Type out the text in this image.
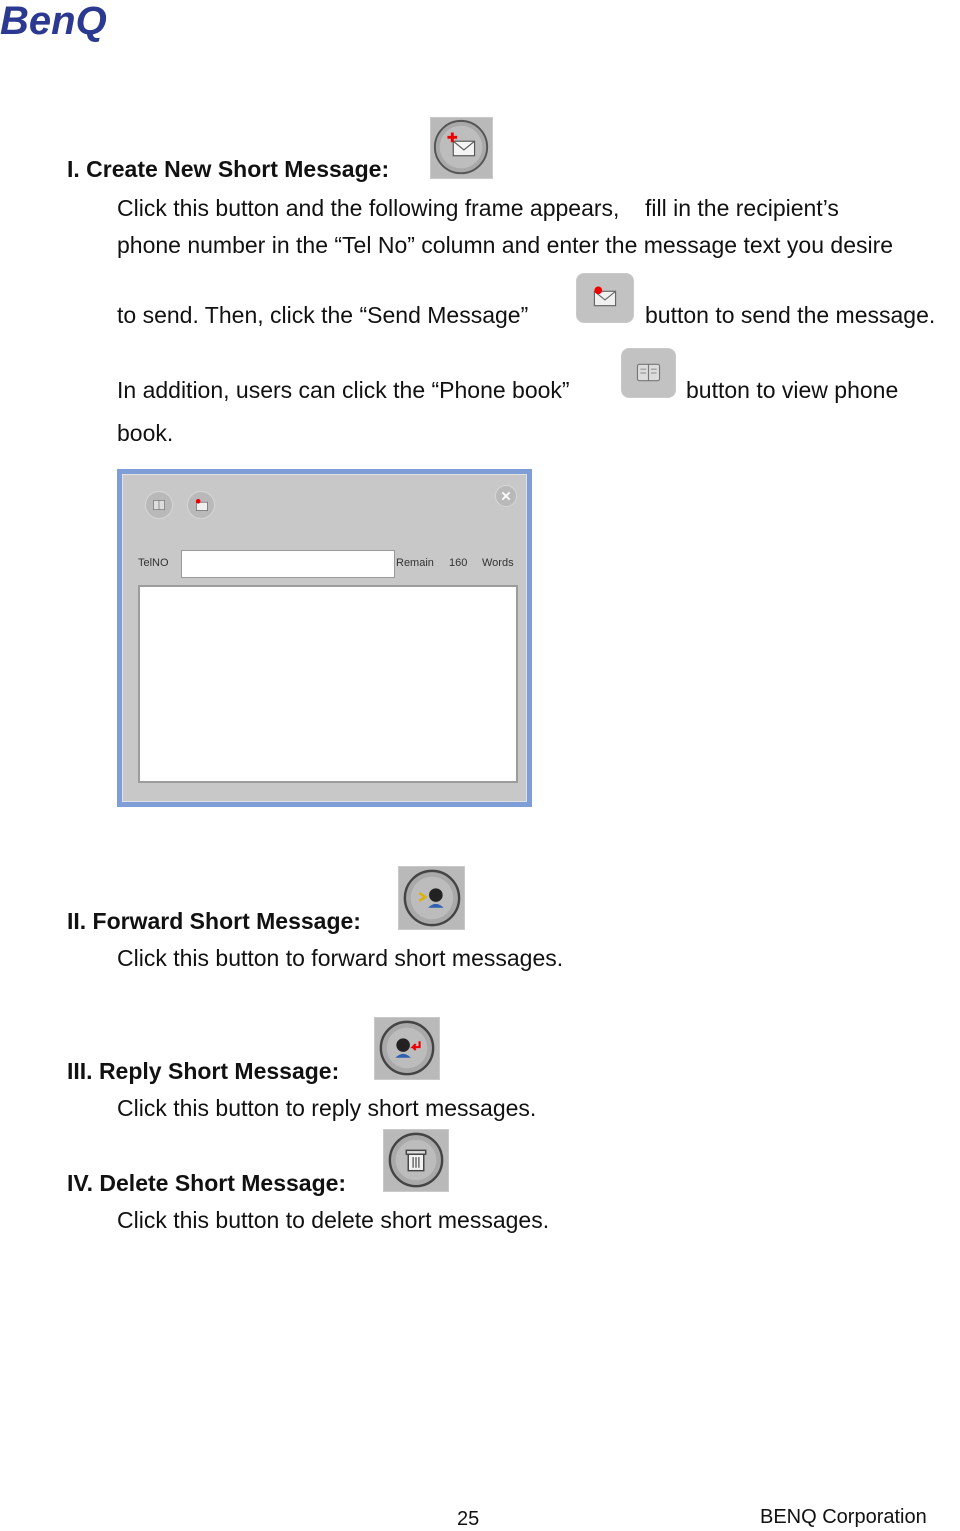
BenQ
I. Create New Short Message:
Click this button and the following frame appears,    fill in the recipient’s
phone number in the “Tel No” column and enter the message text you desire
to send. Then, click the “Send Message”	button to send the message.
In addition, users can click the “Phone book”	button to view phone
book.
TelNO	Remain 160 Words
II. Forward Short Message:
Click this button to forward short messages.
III. Reply Short Message:
Click this button to reply short messages.
IV. Delete Short Message:
Click this button to delete short messages.
25	BENQ Corporation
